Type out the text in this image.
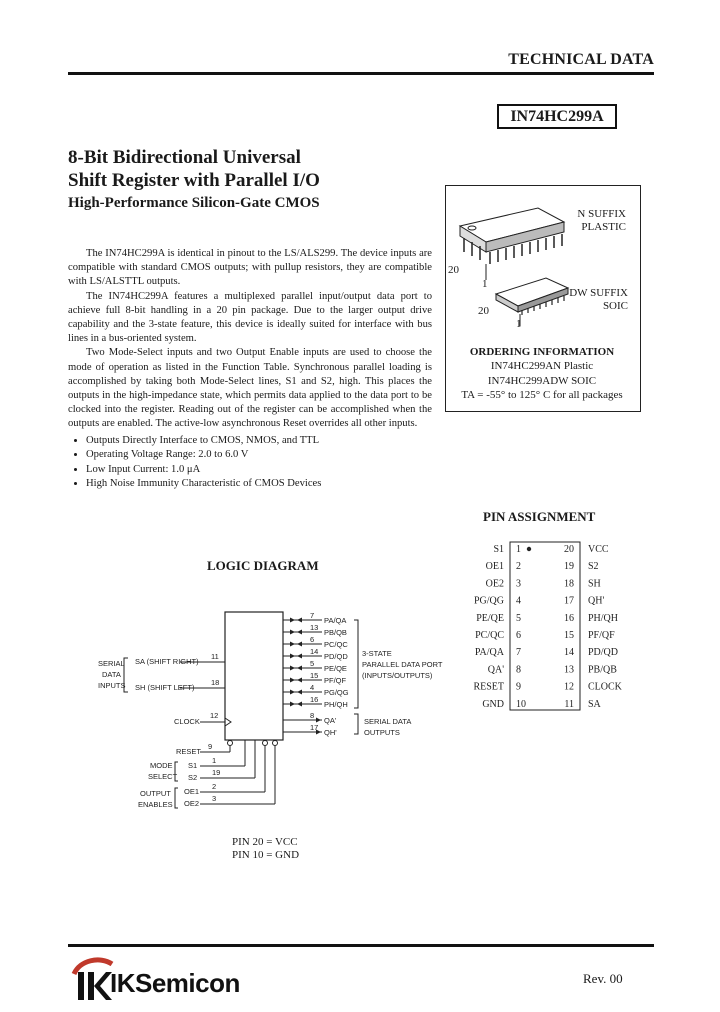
TECHNICAL DATA
IN74HC299A
8-Bit Bidirectional Universal
Shift Register with Parallel I/O
High-Performance Silicon-Gate CMOS

The IN74HC299A is identical in pinout to the LS/ALS299. The device inputs are compatible with standard CMOS outputs; with pullup resistors, they are compatible with LS/ALSTTL outputs.

The IN74HC299A features a multiplexed parallel input/output data port to achieve full 8-bit handling in a 20 pin package. Due to the larger output drive capability and the 3-state feature, this device is ideally suited for interface with bus lines in a bus-oriented system.

Two Mode-Select inputs and two Output Enable inputs are used to choose the mode of operation as listed in the Function Table. Synchronous parallel loading is accomplished by taking both Mode-Select lines, S1 and S2, high. This places the outputs in the high-impedance state, which permits data applied to the data port to be clocked into the register. Reading out of the register can be accomplished when the outputs are enabled. The active-low asynchronous Reset overrides all other inputs.

• Outputs Directly Interface to CMOS, NMOS, and TTL
• Operating Voltage Range: 2.0 to 6.0 V
• Low Input Current: 1.0 μA
• High Noise Immunity Characteristic of CMOS Devices
20
1
N SUFFIX
PLASTIC
20
1
DW SUFFIX
SOIC
ORDERING INFORMATION
IN74HC299AN Plastic
IN74HC299ADW SOIC
TA = -55° to 125° C for all packages
LOGIC DIAGRAM
PA/QA
7
PB/QB
13
PC/QC
6
PD/QD
14
PE/QE
5
PF/QF
15
PG/QG
4
PH/QH
16
QA'
8
QH'
17
11
18
SA (SHIFT RIGHT)
SH (SHIFT LEFT)
SERIAL
DATA
INPUTS
CLOCK
12
RESET
9
S1
1
S2
19
OE1
2
OE2
3
MODE
SELECT
OUTPUT
ENABLES
3-STATE
PARALLEL DATA PORT
(INPUTS/OUTPUTS)
SERIAL DATA
OUTPUTS
PIN 20 = VCC
PIN 10 = GND
PIN ASSIGNMENT
S1 1	20 VCC
OE1 2	19 S2
OE2 3	18 SH
PG/QG 4	17 QH'
PE/QE 5	16 PH/QH
PC/QC 6	15 PF/QF
PA/QA 7	14 PD/QD
QA' 8	13 PB/QB
RESET 9	12 CLOCK
GND 10	11 SA
IKSemicon	Rev. 00
